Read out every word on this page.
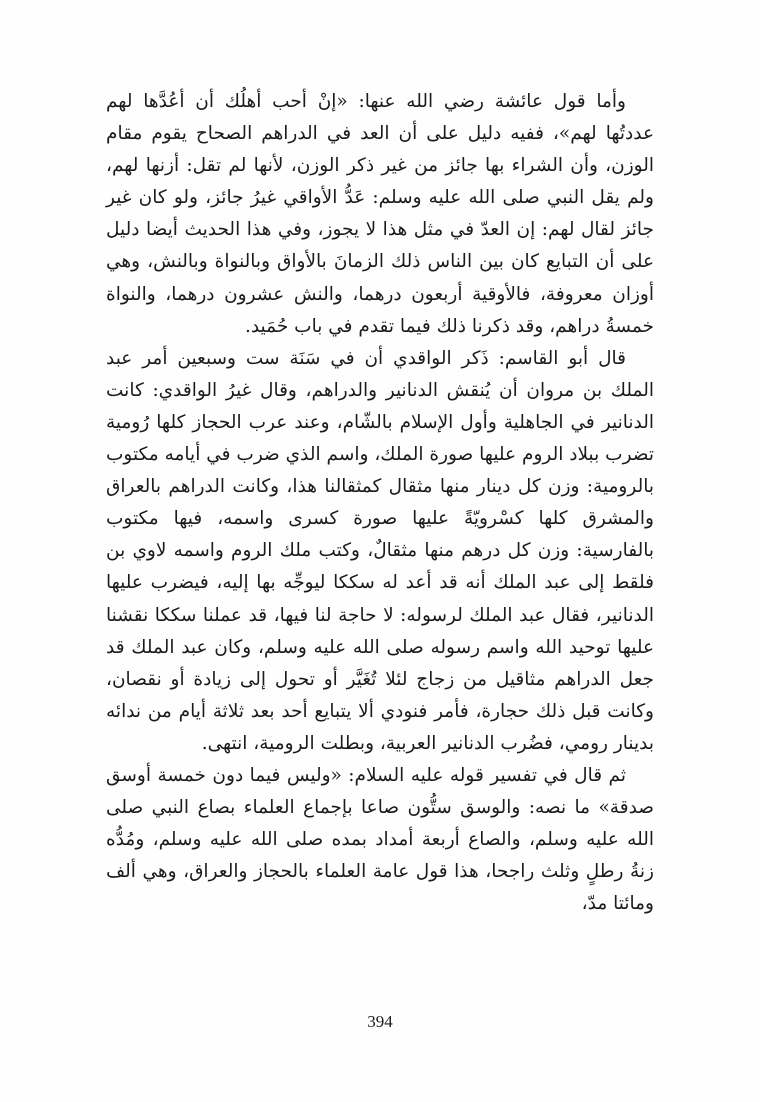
وأما قول عائشة رضي الله عنها: «إنْ أحب أهلُك أن أعُدَّها لهم عددتُها لهم»، ففيه دليل على أن العد في الدراهم الصحاح يقوم مقام الوزن، وأن الشراء بها جائز من غير ذكر الوزن، لأنها لم تقل: أزنها لهم، ولم يقل النبي صلى الله عليه وسلم: عَدُّ الأواقي غيرُ جائز، ولو كان غير جائز لقال لهم: إن العدّ في مثل هذا لا يجوز، وفي هذا الحديث أيضا دليل على أن التبايع كان بين الناس ذلك الزمانَ بالأواق وبالنواة وبالنش، وهي أوزان معروفة، فالأوقية أربعون درهما، والنش عشرون درهما، والنواة خمسةُ دراهم، وقد ذكرنا ذلك فيما تقدم في باب حُمَيد.

قال أبو القاسم: ذَكر الواقدي أن في سَنَة ست وسبعين أمر عبد الملك بن مروان أن يُنقش الدنانير والدراهم، وقال غيرُ الواقدي: كانت الدنانير في الجاهلية وأول الإسلام بالشّام، وعند عرب الحجاز كلها رُومية تضرب ببلاد الروم عليها صورة الملك، واسم الذي ضرب في أيامه مكتوب بالرومية: وزن كل دينار منها مثقال كمثقالنا هذا، وكانت الدراهم بالعراق والمشرق كلها كسْرويّةً عليها صورة كسرى واسمه، فيها مكتوب بالفارسية: وزن كل درهم منها مثقالٌ، وكتب ملك الروم واسمه لاوي بن فلقط إلى عبد الملك أنه قد أعد له سككا ليوجِّه بها إليه، فيضرب عليها الدنانير، فقال عبد الملك لرسوله: لا حاجة لنا فيها، قد عملنا سككا نقشنا عليها توحيد الله واسم رسوله صلى الله عليه وسلم، وكان عبد الملك قد جعل الدراهم مثاقيل من زجاج لئلا تُغَيَّر أو تحول إلى زيادة أو نقصان، وكانت قبل ذلك حجارة، فأمر فنودي ألا يتبايع أحد بعد ثلاثة أيام من ندائه بدينار رومي، فضُرب الدنانير العربية، وبطلت الرومية، انتهى.

ثم قال في تفسير قوله عليه السلام: «وليس فيما دون خمسة أوسق صدقة» ما نصه: والوسق ستُّون صاعا بإجماع العلماء بصاع النبي صلى الله عليه وسلم، والصاع أربعة أمداد بمده صلى الله عليه وسلم، ومُدُّه زنةُ رطلٍ وثلث راجحا، هذا قول عامة العلماء بالحجاز والعراق، وهي ألف ومائتا مدّ،

394
